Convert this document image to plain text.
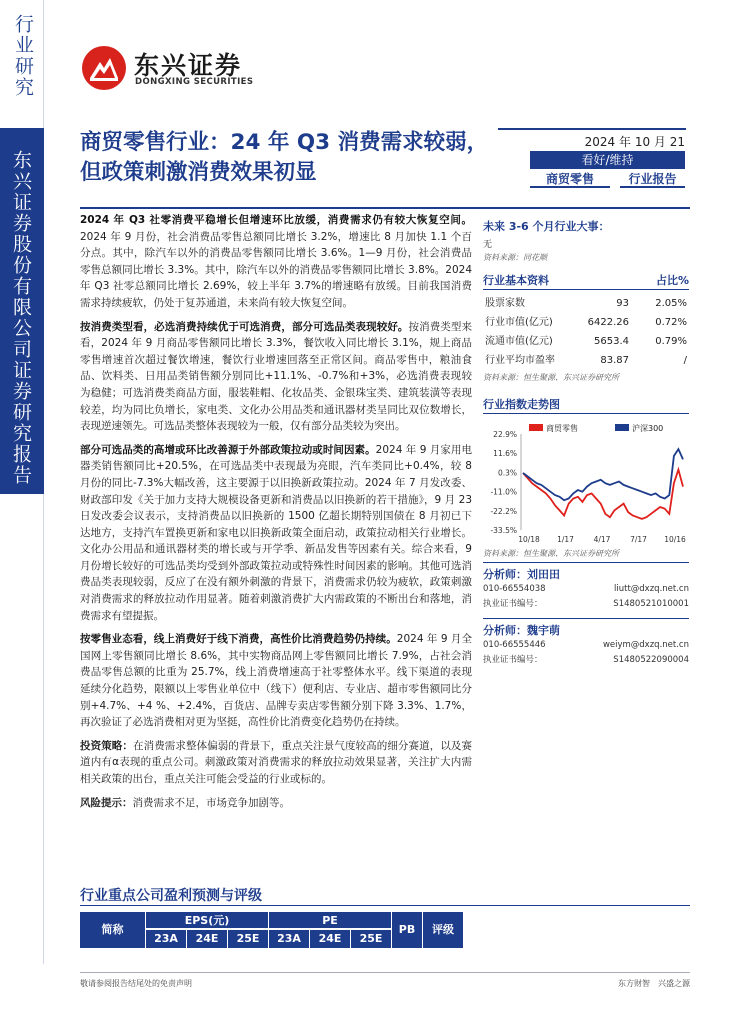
行业研究
东兴证券股份有限公司证券研究报告
东兴证券
DONGXING SECURITIES
商贸零售行业：24 年 Q3 消费需求较弱，但政策刺激消费效果初显
2024 年 10 月 21
看好/维持
商贸零售	行业报告

2024 年 Q3 社零消费平稳增长但增速环比放缓，消费需求仍有较大恢复空间。2024 年 9 月份，社会消费品零售总额同比增长 3.2%，增速比 8 月加快 1.1 个百分点。其中，除汽车以外的消费品零售额同比增长 3.6%。1—9 月份，社会消费品零售总额同比增长 3.3%。其中，除汽车以外的消费品零售额同比增长 3.8%。2024 年 Q3 社零总额同比增长 2.69%，较上半年 3.7%的增速略有放缓。目前我国消费需求持续疲软，仍处于复苏通道，未来尚有较大恢复空间。

按消费类型看，必选消费持续优于可选消费，部分可选品类表现较好。按消费类型来看，2024 年 9 月商品零售额同比增长 3.3%，餐饮收入同比增长 3.1%，规上商品零售增速首次超过餐饮增速，餐饮行业增速回落至正常区间。商品零售中，粮油食品、饮料类、日用品类销售额分别同比+11.1%、-0.7%和+3%，必选消费表现较为稳健；可选消费类商品方面，服装鞋帽、化妆品类、金银珠宝类、建筑装潢等表现较差，均为同比负增长，家电类、文化办公用品类和通讯器材类呈同比双位数增长，表现逆速领先。可选品类整体表现较为一般，仅有部分品类较为突出。

部分可选品类的高增或环比改善源于外部政策拉动或时间因素。2024 年 9 月家用电器类销售额同比+20.5%，在可选品类中表现最为亮眼，汽车类同比+0.4%，较 8 月份的同比-7.3%大幅改善，这主要源于以旧换新政策拉动。2024 年 7 月发改委、财政部印发《关于加力支持大规模设备更新和消费品以旧换新的若干措施》，9 月 23 日发改委会议表示，支持消费品以旧换新的 1500 亿超长期特别国债在 8 月初已下达地方，支持汽车置换更新和家电以旧换新政策全面启动，政策拉动相关行业增长。文化办公用品和通讯器材类的增长或与开学季、新品发售等因素有关。综合来看，9 月份增长较好的可选品类均受到外部政策拉动或特殊性时间因素的影响。其他可选消费品类表现较弱，反应了在没有额外刺激的背景下，消费需求仍较为疲软，政策刺激对消费需求的释放拉动作用显著。随着刺激消费扩大内需政策的不断出台和落地，消费需求有望提振。

按零售业态看，线上消费好于线下消费，高性价比消费趋势仍持续。2024 年 9 月全国网上零售额同比增长 8.6%，其中实物商品网上零售额同比增长 7.9%，占社会消费品零售总额的比重为 25.7%，线上消费增速高于社零整体水平。线下渠道的表现延续分化趋势，限额以上零售业单位中（线下）便利店、专业店、超市零售额同比分别+4.7%、+4 %、+2.4%，百货店、品牌专卖店零售额分别下降 3.3%、1.7%，再次验证了必选消费相对更为坚挺，高性价比消费变化趋势仍在持续。

投资策略：在消费需求整体偏弱的背景下，重点关注景气度较高的细分赛道，以及赛道内有α表现的重点公司。刺激政策对消费需求的释放拉动效果显著，关注扩大内需相关政策的出台，重点关注可能会受益的行业或标的。

风险提示：消费需求不足，市场竞争加剧等。

未来 3-6 个月行业大事：
无
资料来源：同花顺
行业基本资料	占比%
股票家数	93	2.05%
行业市值(亿元)	6422.26	0.72%
流通市值(亿元)	5653.4	0.79%
行业平均市盈率	83.87	/
资料来源：恒生聚源、东兴证券研究所
行业指数走势图
22.9%
11.6%
0.3%
-11.0%
-22.2%
-33.5%
10/18 1/17	4/17	7/17 10/16
商贸零售	沪深300
资料来源：恒生聚源、东兴证券研究所
分析师：刘田田
010-66554038	liutt@dxzq.net.cn
执业证书编号：	S1480521010001
分析师：魏宇萌
010-66555446	weiym@dxzq.net.cn
执业证书编号：	S1480522090004
行业重点公司盈利预测与评级
简称
EPS(元)	PE
23A	24E	25E	23A	24E	25E
PB	评级
敬请参阅报告结尾处的免责声明	东方财智　兴盛之源
